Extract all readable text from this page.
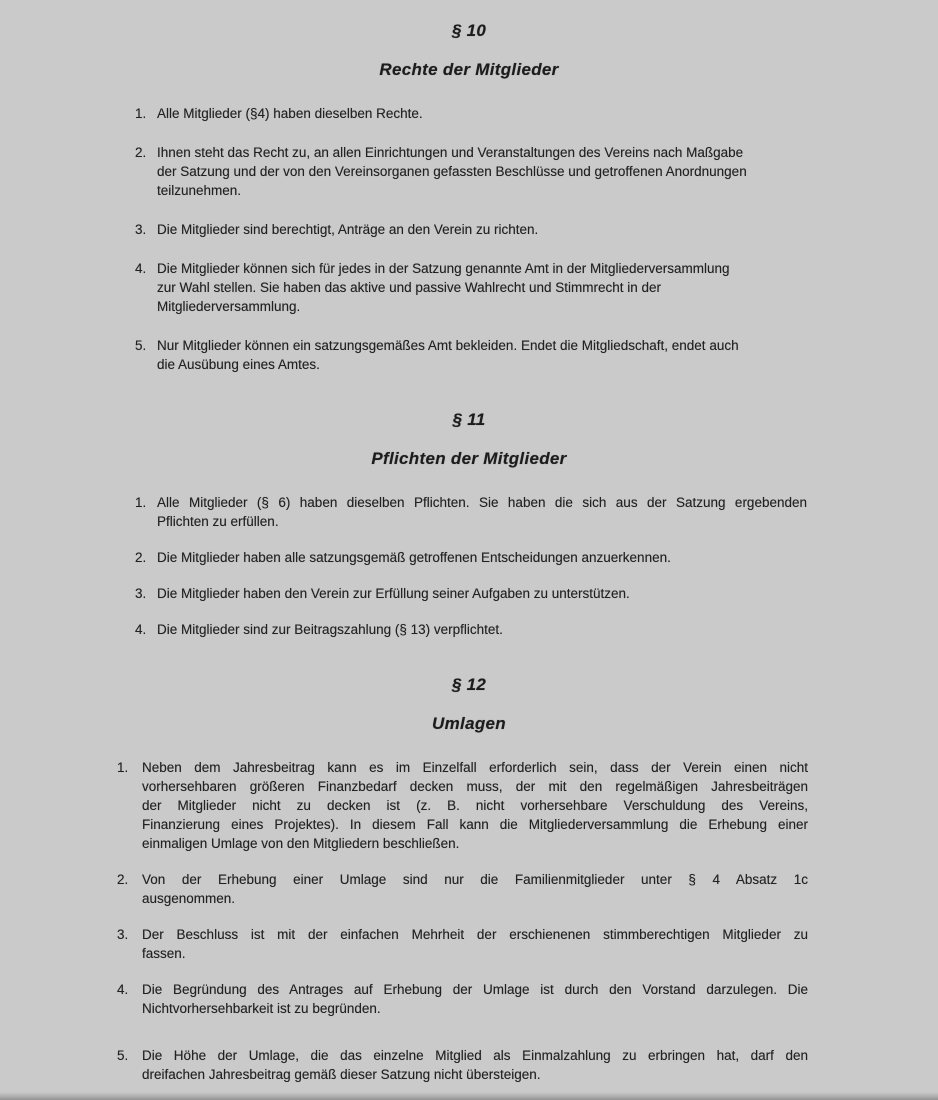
§ 10
Rechte der Mitglieder
1. Alle Mitglieder (§4) haben dieselben Rechte.
2. Ihnen steht das Recht zu, an allen Einrichtungen und Veranstaltungen des Vereins nach Maßgabe
der Satzung und der von den Vereinsorganen gefassten Beschlüsse und getroffenen Anordnungen
teilzunehmen.
3. Die Mitglieder sind berechtigt, Anträge an den Verein zu richten.
4. Die Mitglieder können sich für jedes in der Satzung genannte Amt in der Mitgliederversammlung
zur Wahl stellen. Sie haben das aktive und passive Wahlrecht und Stimmrecht in der
Mitgliederversammlung.
5. Nur Mitglieder können ein satzungsgemäßes Amt bekleiden. Endet die Mitgliedschaft, endet auch
die Ausübung eines Amtes.
§ 11
Pflichten der Mitglieder
1. Alle Mitglieder (§ 6) haben dieselben Pflichten. Sie haben die sich aus der Satzung ergebenden
Pflichten zu erfüllen.
2. Die Mitglieder haben alle satzungsgemäß getroffenen Entscheidungen anzuerkennen.
3. Die Mitglieder haben den Verein zur Erfüllung seiner Aufgaben zu unterstützen.
4. Die Mitglieder sind zur Beitragszahlung (§ 13) verpflichtet.
§ 12
Umlagen
1.	Neben dem Jahresbeitrag kann es im Einzelfall erforderlich sein, dass der Verein einen nicht
vorhersehbaren größeren Finanzbedarf decken muss, der mit den regelmäßigen Jahresbeiträgen
der Mitglieder nicht zu decken ist (z. B. nicht vorhersehbare Verschuldung des Vereins,
Finanzierung eines Projektes). In diesem Fall kann die Mitgliederversammlung die Erhebung einer
einmaligen Umlage von den Mitgliedern beschließen.
2.	Von der Erhebung einer Umlage sind nur die Familienmitglieder unter § 4 Absatz 1c
ausgenommen.
3.	Der Beschluss ist mit der einfachen Mehrheit der erschienenen stimmberechtigen Mitglieder zu
fassen.
4.	Die Begründung des Antrages auf Erhebung der Umlage ist durch den Vorstand darzulegen. Die
Nichtvorhersehbarkeit ist zu begründen.
5.	Die Höhe der Umlage, die das einzelne Mitglied als Einmalzahlung zu erbringen hat, darf den
dreifachen Jahresbeitrag gemäß dieser Satzung nicht übersteigen.
